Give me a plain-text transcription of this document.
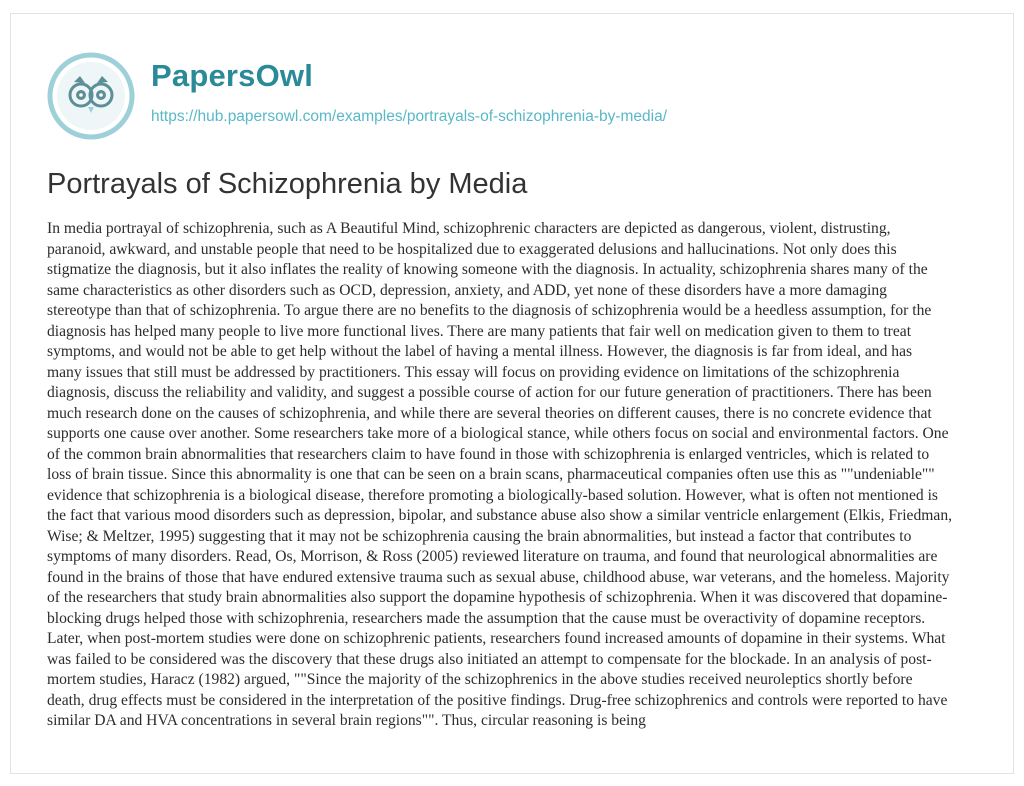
PapersOwl
https://hub.papersowl.com/examples/portrayals-of-schizophrenia-by-media/
Portrayals of Schizophrenia by Media
In media portrayal of schizophrenia, such as A Beautiful Mind, schizophrenic characters are depicted as dangerous, violent, distrusting,
paranoid, awkward, and unstable people that need to be hospitalized due to exaggerated delusions and hallucinations. Not only does this
stigmatize the diagnosis, but it also inflates the reality of knowing someone with the diagnosis. In actuality, schizophrenia shares many of the
same characteristics as other disorders such as OCD, depression, anxiety, and ADD, yet none of these disorders have a more damaging
stereotype than that of schizophrenia. To argue there are no benefits to the diagnosis of schizophrenia would be a heedless assumption, for the
diagnosis has helped many people to live more functional lives. There are many patients that fair well on medication given to them to treat
symptoms, and would not be able to get help without the label of having a mental illness. However, the diagnosis is far from ideal, and has
many issues that still must be addressed by practitioners. This essay will focus on providing evidence on limitations of the schizophrenia
diagnosis, discuss the reliability and validity, and suggest a possible course of action for our future generation of practitioners. There has been
much research done on the causes of schizophrenia, and while there are several theories on different causes, there is no concrete evidence that
supports one cause over another. Some researchers take more of a biological stance, while others focus on social and environmental factors. One
of the common brain abnormalities that researchers claim to have found in those with schizophrenia is enlarged ventricles, which is related to
loss of brain tissue. Since this abnormality is one that can be seen on a brain scans, pharmaceutical companies often use this as ""undeniable""
evidence that schizophrenia is a biological disease, therefore promoting a biologically-based solution. However, what is often not mentioned is
the fact that various mood disorders such as depression, bipolar, and substance abuse also show a similar ventricle enlargement (Elkis, Friedman,
Wise; & Meltzer, 1995) suggesting that it may not be schizophrenia causing the brain abnormalities, but instead a factor that contributes to
symptoms of many disorders. Read, Os, Morrison, & Ross (2005) reviewed literature on trauma, and found that neurological abnormalities are
found in the brains of those that have endured extensive trauma such as sexual abuse, childhood abuse, war veterans, and the homeless. Majority
of the researchers that study brain abnormalities also support the dopamine hypothesis of schizophrenia. When it was discovered that dopamine-
blocking drugs helped those with schizophrenia, researchers made the assumption that the cause must be overactivity of dopamine receptors.
Later, when post-mortem studies were done on schizophrenic patients, researchers found increased amounts of dopamine in their systems. What
was failed to be considered was the discovery that these drugs also initiated an attempt to compensate for the blockade. In an analysis of post-
mortem studies, Haracz (1982) argued, ""Since the majority of the schizophrenics in the above studies received neuroleptics shortly before
death, drug effects must be considered in the interpretation of the positive findings. Drug-free schizophrenics and controls were reported to have
similar DA and HVA concentrations in several brain regions"". Thus, circular reasoning is being
